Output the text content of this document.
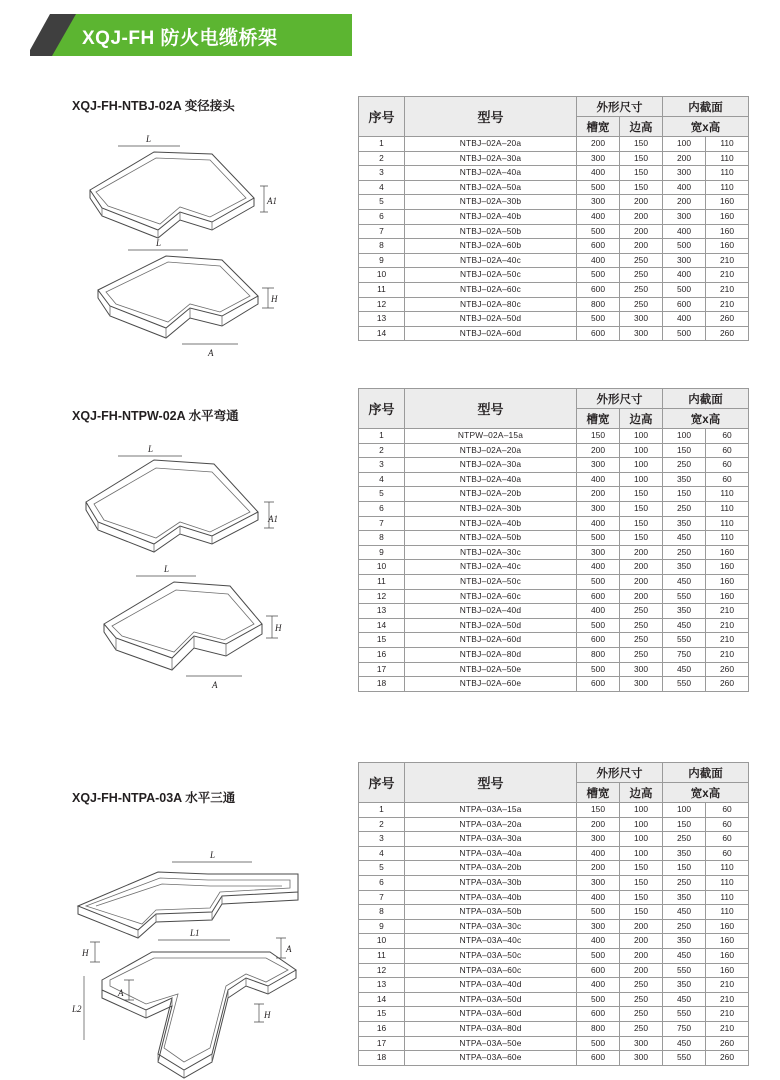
XQJ-FH 防火电缆桥架
XQJ-FH-NTBJ-02A 变径接头
L
A1
L
H
A
序号	型号	外形尺寸		内截面	
		槽宽	边高	宽x高	
1	NTBJ–02A–20a	200	150	100	110
2	NTBJ–02A–30a	300	150	200	110
3	NTBJ–02A–40a	400	150	300	110
4	NTBJ–02A–50a	500	150	400	110
5	NTBJ–02A–30b	300	200	200	160
6	NTBJ–02A–40b	400	200	300	160
7	NTBJ–02A–50b	500	200	400	160
8	NTBJ–02A–60b	600	200	500	160
9	NTBJ–02A–40c	400	250	300	210
10	NTBJ–02A–50c	500	250	400	210
11	NTBJ–02A–60c	600	250	500	210
12	NTBJ–02A–80c	800	250	600	210
13	NTBJ–02A–50d	500	300	400	260
14	NTBJ–02A–60d	600	300	500	260
XQJ-FH-NTPW-02A 水平弯通
L
A1
L
H
A
序号	型号	外形尺寸		内截面	
		槽宽	边高	宽x高	
1	NTPW–02A–15a	150	100	100	60
2	NTBJ–02A–20a	200	100	150	60
3	NTBJ–02A–30a	300	100	250	60
4	NTBJ–02A–40a	400	100	350	60
5	NTBJ–02A–20b	200	150	150	110
6	NTBJ–02A–30b	300	150	250	110
7	NTBJ–02A–40b	400	150	350	110
8	NTBJ–02A–50b	500	150	450	110
9	NTBJ–02A–30c	300	200	250	160
10	NTBJ–02A–40c	400	200	350	160
11	NTBJ–02A–50c	500	200	450	160
12	NTBJ–02A–60c	600	200	550	160
13	NTBJ–02A–40d	400	250	350	210
14	NTBJ–02A–50d	500	250	450	210
15	NTBJ–02A–60d	600	250	550	210
16	NTBJ–02A–80d	800	250	750	210
17	NTBJ–02A–50e	500	300	450	260
18	NTBJ–02A–60e	600	300	550	260
XQJ-FH-NTPA-03A 水平三通
L
H
L1
A
L2
A
H
序号	型号	外形尺寸		内截面	
		槽宽	边高	宽x高	
1	NTPA–03A–15a	150	100	100	60
2	NTPA–03A–20a	200	100	150	60
3	NTPA–03A–30a	300	100	250	60
4	NTPA–03A–40a	400	100	350	60
5	NTPA–03A–20b	200	150	150	110
6	NTPA–03A–30b	300	150	250	110
7	NTPA–03A–40b	400	150	350	110
8	NTPA–03A–50b	500	150	450	110
9	NTPA–03A–30c	300	200	250	160
10	NTPA–03A–40c	400	200	350	160
11	NTPA–03A–50c	500	200	450	160
12	NTPA–03A–60c	600	200	550	160
13	NTPA–03A–40d	400	250	350	210
14	NTPA–03A–50d	500	250	450	210
15	NTPA–03A–60d	600	250	550	210
16	NTPA–03A–80d	800	250	750	210
17	NTPA–03A–50e	500	300	450	260
18	NTPA–03A–60e	600	300	550	260
